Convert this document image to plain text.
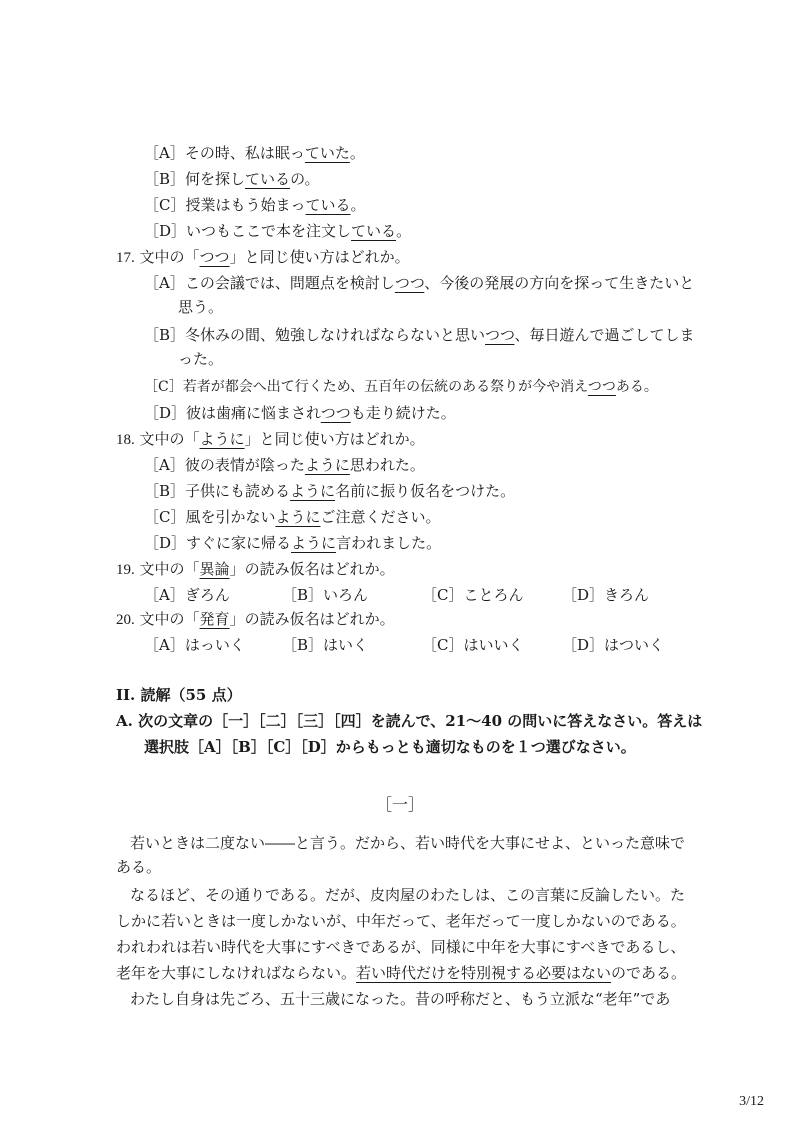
［A］その時、私は眠っていた。
［B］何を探しているの。
［C］授業はもう始まっている。
［D］いつもここで本を注文している。
17. 文中の「つつ」と同じ使い方はどれか。
［A］この会議では、問題点を検討しつつ、今後の発展の方向を探って生きたいと
思う。
［B］冬休みの間、勉強しなければならないと思いつつ、毎日遊んで過ごしてしま
った。
［C］若者が都会へ出て行くため、五百年の伝統のある祭りが今や消えつつある。
［D］彼は歯痛に悩まされつつも走り続けた。
18. 文中の「ように」と同じ使い方はどれか。
［A］彼の表情が陰ったように思われた。
［B］子供にも読めるように名前に振り仮名をつけた。
［C］風を引かないようにご注意ください。
［D］すぐに家に帰るように言われました。
19. 文中の「異論」の読み仮名はどれか。
［A］ぎろん	［B］いろん	［C］ことろん	［D］きろん
20. 文中の「発育」の読み仮名はどれか。
［A］はっいく ［B］はいく	［C］はいいく	［D］はついく
II. 読解（55 点）
A. 次の文章の［一］［二］［三］［四］を読んで、21～40 の問いに答えなさい。答えは
選択肢［A］［B］［C］［D］からもっとも適切なものを１つ選びなさい。
［一］
若いときは二度ない――と言う。だから、若い時代を大事にせよ、といった意味で
ある。
なるほど、その通りである。だが、皮肉屋のわたしは、この言葉に反論したい。た
しかに若いときは一度しかないが、中年だって、老年だって一度しかないのである。
われわれは若い時代を大事にすべきであるが、同様に中年を大事にすべきであるし、
老年を大事にしなければならない。若い時代だけを特別視する必要はないのである。
わたし自身は先ごろ、五十三歳になった。昔の呼称だと、もう立派な“老年”であ
3/12
